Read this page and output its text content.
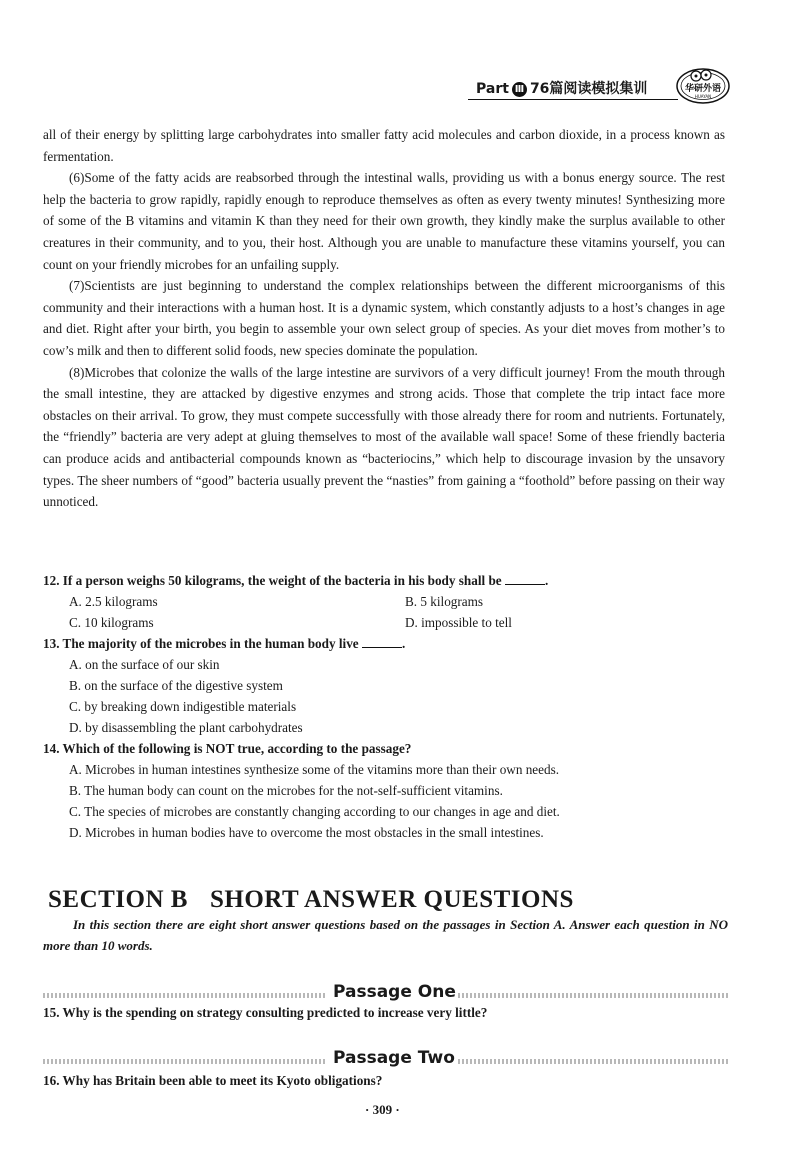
Part Ⅲ 76篇阅读模拟集训	华研外语
HUAYAN

all of their energy by splitting large carbohydrates into smaller fatty acid molecules and carbon dioxide, in a process known as fermentation.

(6)Some of the fatty acids are reabsorbed through the intestinal walls, providing us with a bonus energy source. The rest help the bacteria to grow rapidly, rapidly enough to reproduce themselves as often as every twenty minutes! Synthesizing more of some of the B vitamins and vitamin K than they need for their own growth, they kindly make the surplus available to other creatures in their community, and to you, their host. Although you are unable to manufacture these vitamins yourself, you can count on your friendly microbes for an unfailing supply.

(7)Scientists are just beginning to understand the complex relationships between the different microorganisms of this community and their interactions with a human host. It is a dynamic system, which constantly adjusts to a host’s changes in age and diet. Right after your birth, you begin to assemble your own select group of species. As your diet moves from mother’s to cow’s milk and then to different solid foods, new species dominate the population.

(8)Microbes that colonize the walls of the large intestine are survivors of a very difficult journey! From the mouth through the small intestine, they are attacked by digestive enzymes and strong acids. Those that complete the trip intact face more obstacles on their arrival. To grow, they must compete successfully with those already there for room and nutrients. Fortunately, the “friendly” bacteria are very adept at gluing themselves to most of the available wall space! Some of these friendly bacteria can produce acids and antibacterial compounds known as “bacteriocins,” which help to discourage invasion by the unsavory types. The sheer numbers of “good” bacteria usually prevent the “nasties” from gaining a “foothold” before passing on their way unnoticed.

12. If a person weighs 50 kilograms, the weight of the bacteria in his body shall be	.
A. 2.5 kilograms	B. 5 kilograms
C. 10 kilograms	D. impossible to tell
13. The majority of the microbes in the human body live	.
A. on the surface of our skin
B. on the surface of the digestive system
C. by breaking down indigestible materials
D. by disassembling the plant carbohydrates
14. Which of the following is NOT true, according to the passage?
A. Microbes in human intestines synthesize some of the vitamins more than their own needs.
B. The human body can count on the microbes for the not-self-sufficient vitamins.
C. The species of microbes are constantly changing according to our changes in age and diet.
D. Microbes in human bodies have to overcome the most obstacles in the small intestines.
SECTION B SHORT ANSWER QUESTIONS
In this section there are eight short answer questions based on the passages in Section A. Answer each question in NO more than 10 words.
Passage One
15. Why is the spending on strategy consulting predicted to increase very little?
Passage Two
16. Why has Britain been able to meet its Kyoto obligations?
· 309 ·
